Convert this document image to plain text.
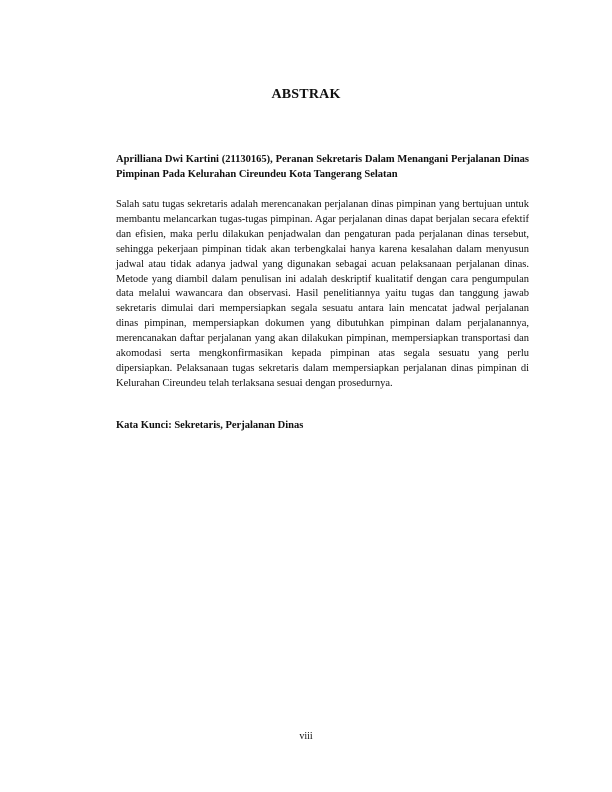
ABSTRAK
Aprilliana Dwi Kartini (21130165), Peranan Sekretaris Dalam Menangani Perjalanan Dinas Pimpinan Pada Kelurahan Cireundeu Kota Tangerang Selatan
Salah satu tugas sekretaris adalah merencanakan perjalanan dinas pimpinan yang bertujuan untuk membantu melancarkan tugas-tugas pimpinan. Agar perjalanan dinas dapat berjalan secara efektif dan efisien, maka perlu dilakukan penjadwalan dan pengaturan pada perjalanan dinas tersebut, sehingga pekerjaan pimpinan tidak akan terbengkalai hanya karena kesalahan dalam menyusun jadwal atau tidak adanya jadwal yang digunakan sebagai acuan pelaksanaan perjalanan dinas. Metode yang diambil dalam penulisan ini adalah deskriptif kualitatif dengan cara pengumpulan data melalui wawancara dan observasi. Hasil penelitiannya yaitu tugas dan tanggung jawab sekretaris dimulai dari mempersiapkan segala sesuatu antara lain mencatat jadwal perjalanan dinas pimpinan, mempersiapkan dokumen yang dibutuhkan pimpinan dalam perjalanannya, merencanakan daftar perjalanan yang akan dilakukan pimpinan, mempersiapkan transportasi dan akomodasi serta mengkonfirmasikan kepada pimpinan atas segala sesuatu yang perlu dipersiapkan. Pelaksanaan tugas sekretaris dalam mempersiapkan perjalanan dinas pimpinan di Kelurahan Cireundeu telah terlaksana sesuai dengan prosedurnya.
Kata Kunci: Sekretaris, Perjalanan Dinas
viii
